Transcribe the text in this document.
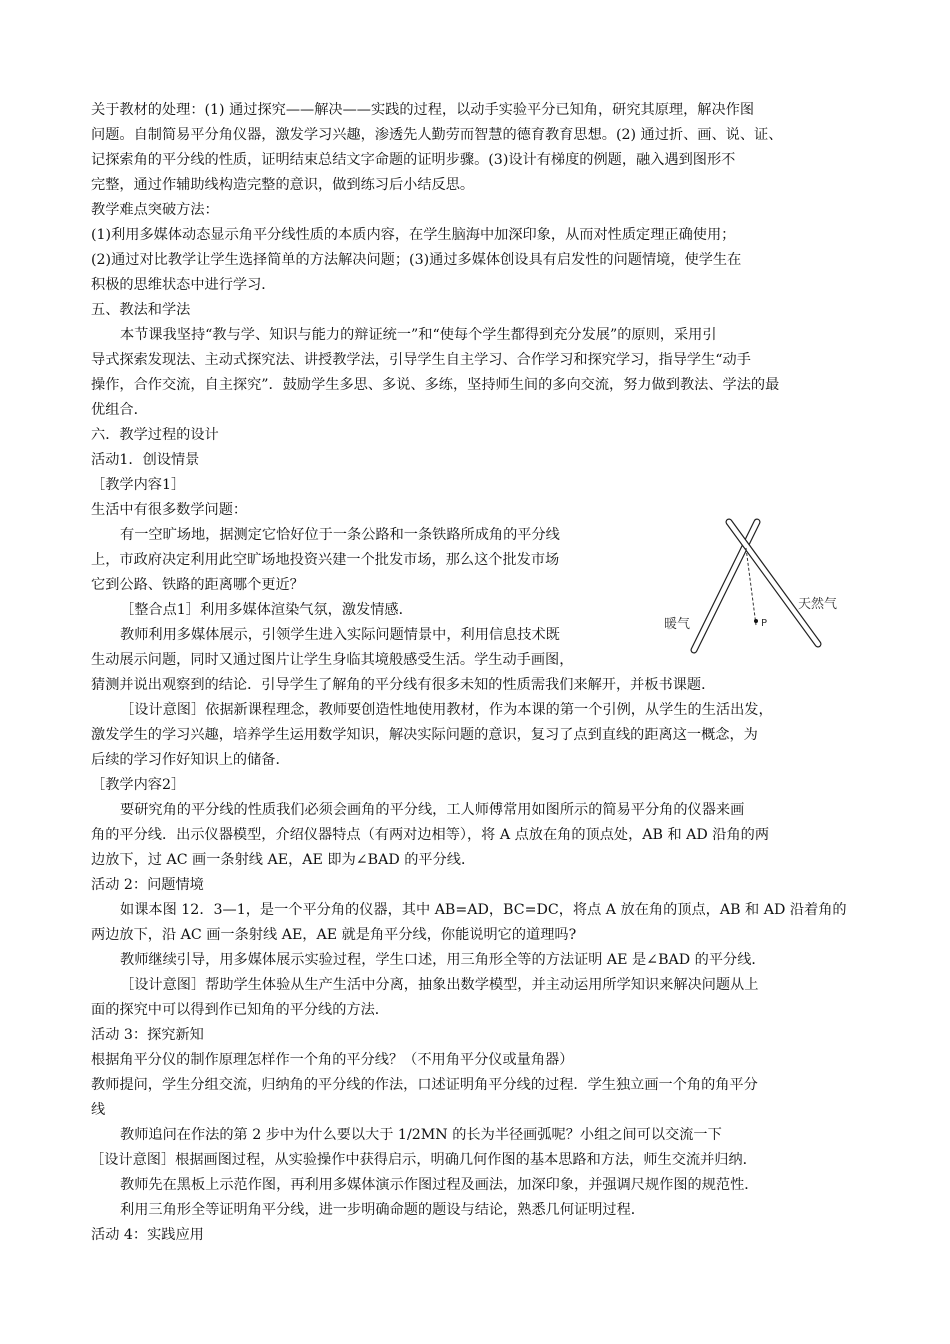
关于教材的处理：(1) 通过探究——解决——实践的过程，以动手实验平分已知角，研究其原理，解决作图
问题。自制简易平分角仪器，激发学习兴趣，渗透先人勤劳而智慧的德育教育思想。(2) 通过折、画、说、证、
记探索角的平分线的性质，证明结束总结文字命题的证明步骤。(3)设计有梯度的例题，融入遇到图形不
完整，通过作辅助线构造完整的意识，做到练习后小结反思。
教学难点突破方法：
(1)利用多媒体动态显示角平分线性质的本质内容，在学生脑海中加深印象，从而对性质定理正确使用；
(2)通过对比教学让学生选择简单的方法解决问题；(3)通过多媒体创设具有启发性的问题情境，使学生在
积极的思维状态中进行学习．
五、教法和学法
本节课我坚持“教与学、知识与能力的辩证统一”和“使每个学生都得到充分发展”的原则，采用引
导式探索发现法、主动式探究法、讲授教学法，引导学生自主学习、合作学习和探究学习，指导学生“动手
操作，合作交流，自主探究”．鼓励学生多思、多说、多练，坚持师生间的多向交流，努力做到教法、学法的最
优组合．
六．教学过程的设计
活动1．创设情景
［教学内容1］
生活中有很多数学问题：
有一空旷场地，据测定它恰好位于一条公路和一条铁路所成角的平分线
上，市政府决定利用此空旷场地投资兴建一个批发市场，那么这个批发市场
它到公路、铁路的距离哪个更近？
［整合点1］利用多媒体渲染气氛，激发情感．
教师利用多媒体展示，引领学生进入实际问题情景中，利用信息技术既
生动展示问题，同时又通过图片让学生身临其境般感受生活。学生动手画图，
猜测并说出观察到的结论．引导学生了解角的平分线有很多未知的性质需我们来解开，并板书课题．
［设计意图］依据新课程理念，教师要创造性地使用教材，作为本课的第一个引例，从学生的生活出发，
激发学生的学习兴趣，培养学生运用数学知识，解决实际问题的意识，复习了点到直线的距离这一概念，为
后续的学习作好知识上的储备．
［教学内容2］
要研究角的平分线的性质我们必须会画角的平分线，工人师傅常用如图所示的简易平分角的仪器来画
角的平分线．出示仪器模型，介绍仪器特点（有两对边相等），将 A 点放在角的顶点处，AB 和 AD 沿角的两
边放下，过 AC 画一条射线 AE，AE 即为∠BAD 的平分线．
活动 2：问题情境
如课本图 12．3—1，是一个平分角的仪器，其中 AB=AD，BC=DC，将点 A 放在角的顶点，AB 和 AD 沿着角的
两边放下，沿 AC 画一条射线 AE，AE 就是角平分线，你能说明它的道理吗?
教师继续引导，用多媒体展示实验过程，学生口述，用三角形全等的方法证明 AE 是∠BAD 的平分线．
［设计意图］帮助学生体验从生产生活中分离，抽象出数学模型，并主动运用所学知识来解决问题从上
面的探究中可以得到作已知角的平分线的方法．
活动 3：探究新知
根据角平分仪的制作原理怎样作一个角的平分线？（不用角平分仪或量角器）
教师提问，学生分组交流，归纳角的平分线的作法，口述证明角平分线的过程．学生独立画一个角的角平分
线
教师追问在作法的第 2 步中为什么要以大于 1/2MN 的长为半径画弧呢？小组之间可以交流一下
［设计意图］根据画图过程，从实验操作中获得启示，明确几何作图的基本思路和方法，师生交流并归纳．
教师先在黑板上示范作图，再利用多媒体演示作图过程及画法，加深印象，并强调尺规作图的规范性．
利用三角形全等证明角平分线，进一步明确命题的题设与结论，熟悉几何证明过程．
活动 4：实践应用
P
暖气
天然气
